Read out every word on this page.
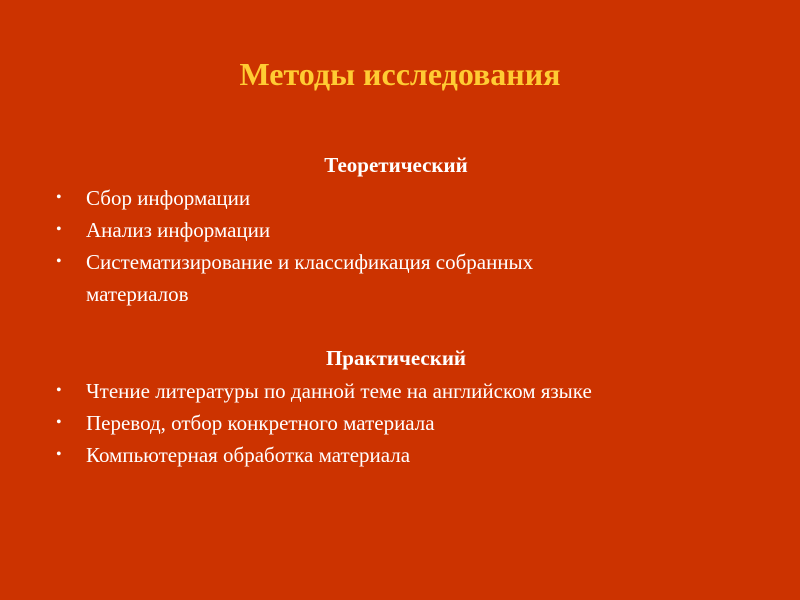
Методы исследования
Теоретический
•	Сбор информации
•	Анализ информации
•	Систематизирование и классификация собранных
материалов
Практический
•	Чтение литературы по данной теме на английском языке
•	Перевод, отбор конкретного материала
•	Компьютерная обработка материала
